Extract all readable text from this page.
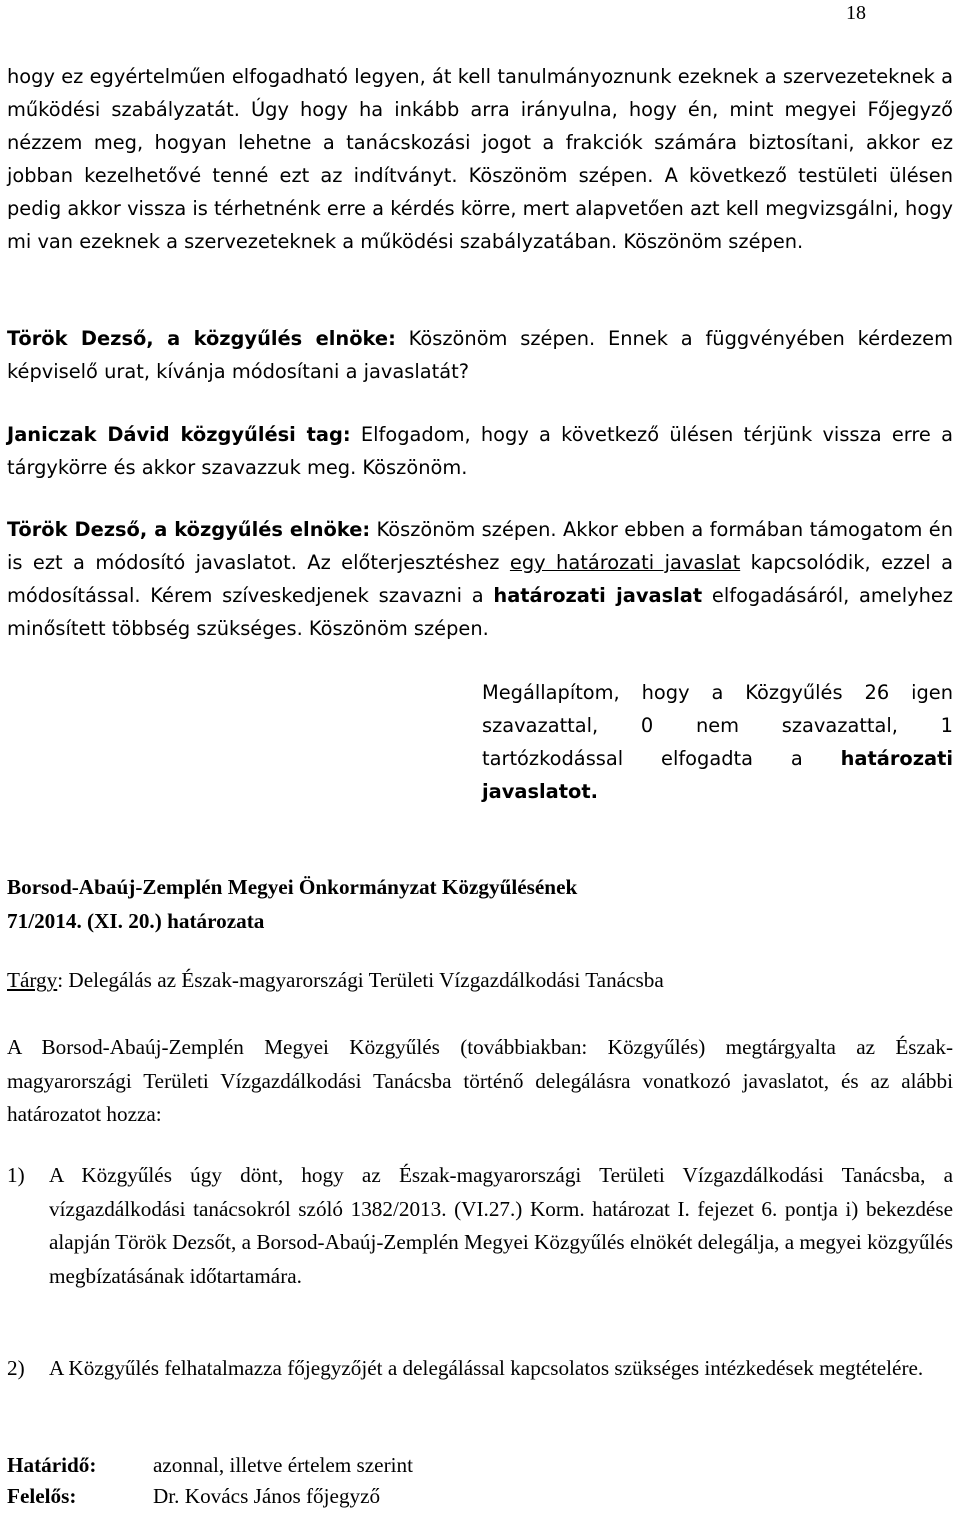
18

hogy ez egyértelműen elfogadható legyen, át kell tanulmányoznunk ezeknek a szervezeteknek a működési szabályzatát. Úgy hogy ha inkább arra irányulna, hogy én, mint megyei Főjegyző nézzem meg, hogyan lehetne a tanácskozási jogot a frakciók számára biztosítani, akkor ez jobban kezelhetővé tenné ezt az indítványt. Köszönöm szépen. A következő testületi ülésen pedig akkor vissza is térhetnénk erre a kérdés körre, mert alapvetően azt kell megvizsgálni, hogy mi van ezeknek a szervezeteknek a működési szabályzatában. Köszönöm szépen.

Török Dezső, a közgyűlés elnöke: Köszönöm szépen. Ennek a függvényében kérdezem képviselő urat, kívánja módosítani a javaslatát?

Janiczak Dávid közgyűlési tag: Elfogadom, hogy a következő ülésen térjünk vissza erre a tárgykörre és akkor szavazzuk meg. Köszönöm.

Török Dezső, a közgyűlés elnöke: Köszönöm szépen. Akkor ebben a formában támogatom én is ezt a módosító javaslatot. Az előterjesztéshez egy határozati javaslat kapcsolódik, ezzel a módosítással. Kérem szíveskedjenek szavazni a határozati javaslat elfogadásáról, amelyhez minősített többség szükséges. Köszönöm szépen.

Megállapítom, hogy a Közgyűlés 26 igen szavazattal, 0 nem szavazattal, 1 tartózkodással elfogadta a határozati javaslatot.

Borsod-Abaúj-Zemplén Megyei Önkormányzat Közgyűlésének
71/2014. (XI. 20.) határozata
Tárgy: Delegálás az Észak-magyarországi Területi Vízgazdálkodási Tanácsba

A Borsod-Abaúj-Zemplén Megyei Közgyűlés (továbbiakban: Közgyűlés) megtárgyalta az Észak-magyarországi Területi Vízgazdálkodási Tanácsba történő delegálásra vonatkozó javaslatot, és az alábbi határozatot hozza:

1) A Közgyűlés úgy dönt, hogy az Észak-magyarországi Területi Vízgazdálkodási Tanácsba, a vízgazdálkodási tanácsokról szóló 1382/2013. (VI.27.) Korm. határozat I. fejezet 6. pontja i) bekezdése alapján Török Dezsőt, a Borsod-Abaúj-Zemplén Megyei Közgyűlés elnökét delegálja, a megyei közgyűlés megbízatásának időtartamára.

2) A Közgyűlés felhatalmazza főjegyzőjét a delegálással kapcsolatos szükséges intézkedések megtételére.

Határidő:	azonnal, illetve értelem szerint
Felelős:	Dr. Kovács János főjegyző
